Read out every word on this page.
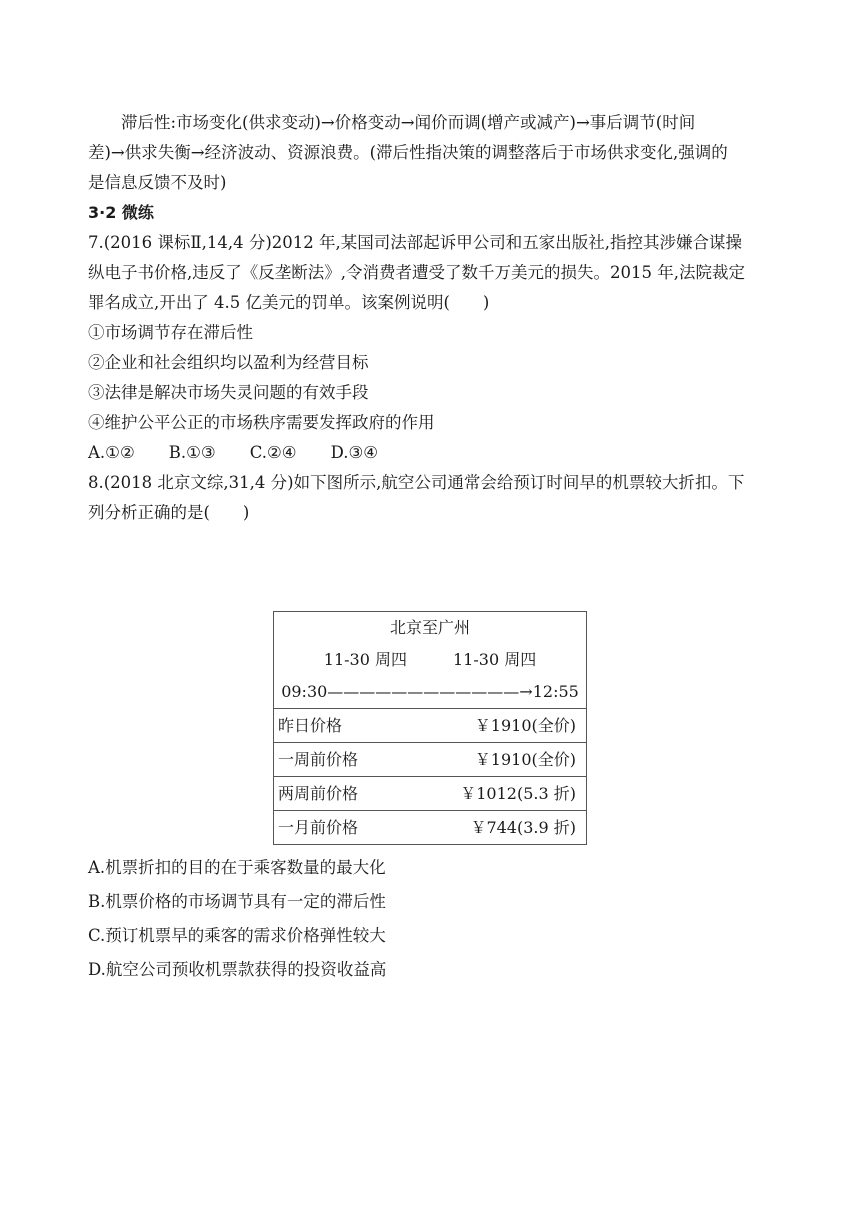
滞后性:市场变化(供求变动)→价格变动→闻价而调(增产或减产)→事后调节(时间
差)→供求失衡→经济波动、资源浪费。(滞后性指决策的调整落后于市场供求变化,强调的
是信息反馈不及时)
3·2 微练
7.(2016 课标Ⅱ,14,4 分)2012 年,某国司法部起诉甲公司和五家出版社,指控其涉嫌合谋操
纵电子书价格,违反了《反垄断法》,令消费者遭受了数千万美元的损失。2015 年,法院裁定
罪名成立,开出了 4.5 亿美元的罚单。该案例说明(　　)
①市场调节存在滞后性
②企业和社会组织均以盈利为经营目标
③法律是解决市场失灵问题的有效手段
④维护公平公正的市场秩序需要发挥政府的作用
A.①② B.①③ C.②④ D.③④
8.(2018 北京文综,31,4 分)如下图所示,航空公司通常会给预订时间早的机票较大折扣。下
列分析正确的是(　　)
北京至广州
11-30 周四	11-30 周四
09:30————————————→12:55
昨日价格	￥1910(全价)
一周前价格	￥1910(全价)
两周前价格	￥1012(5.3 折)
一月前价格	￥744(3.9 折)
A.机票折扣的目的在于乘客数量的最大化
B.机票价格的市场调节具有一定的滞后性
C.预订机票早的乘客的需求价格弹性较大
D.航空公司预收机票款获得的投资收益高
